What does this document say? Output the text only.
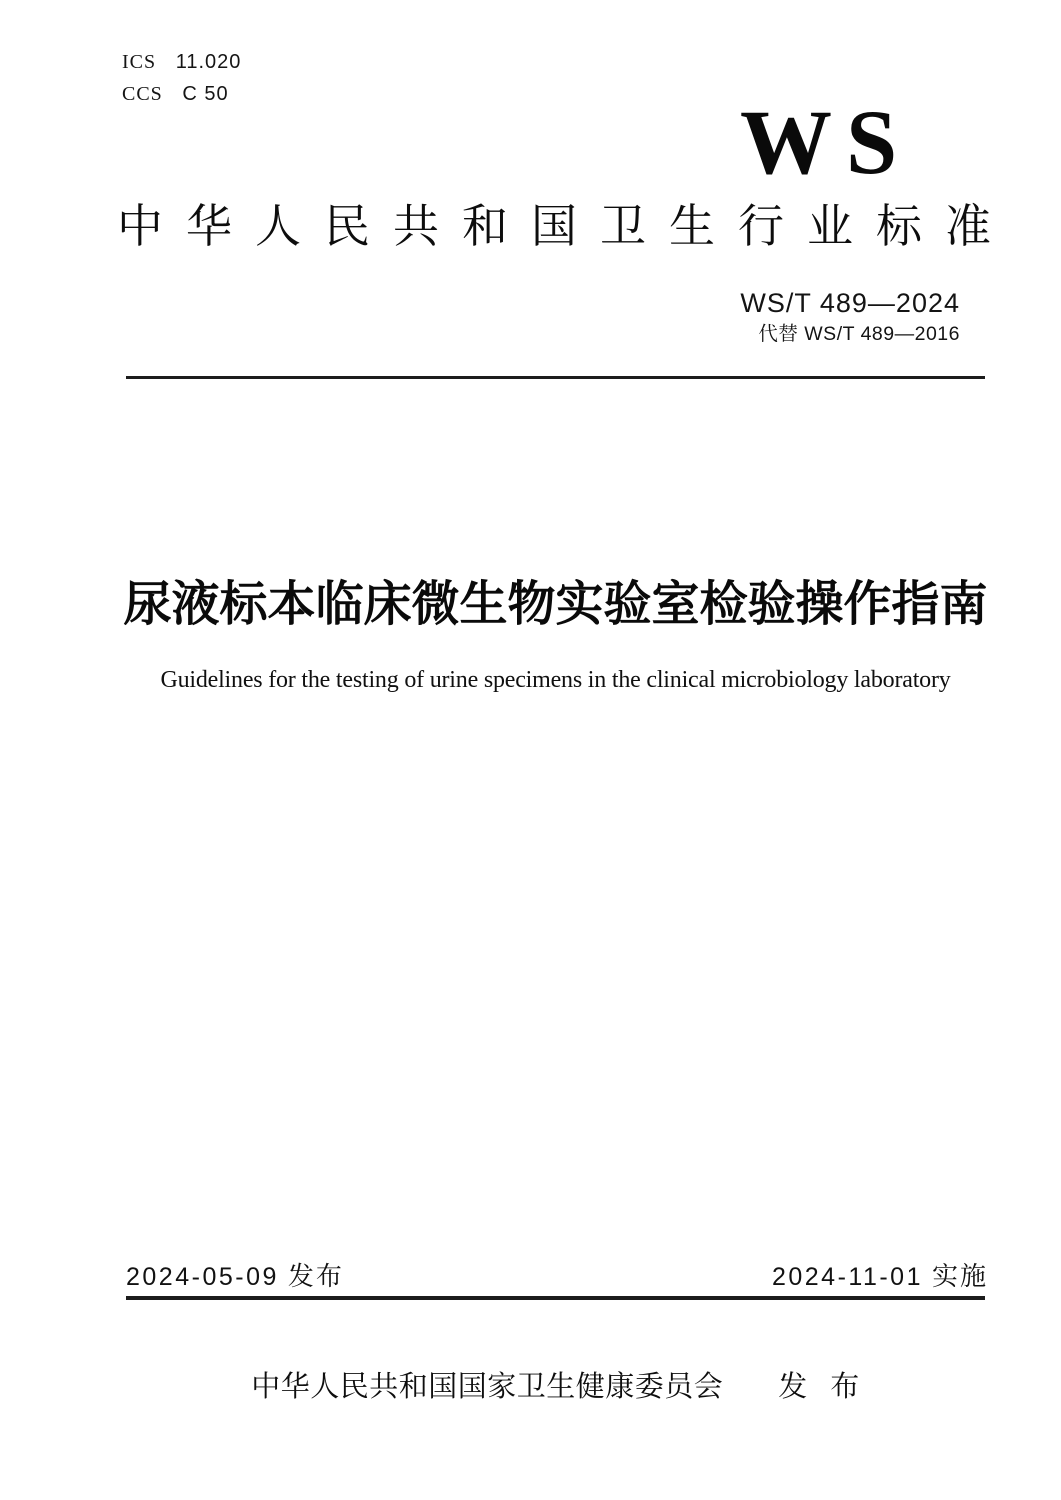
ICS 11.020
CCS C 50	WS
中华人民共和国卫生行业标准
WS/T 489—2024
代替 WS/T 489—2016
尿液标本临床微生物实验室检验操作指南
Guidelines for the testing of urine specimens in the clinical microbiology laboratory
2024-05-09 发布	2024-11-01 实施
中华人民共和国国家卫生健康委员会 发 布
